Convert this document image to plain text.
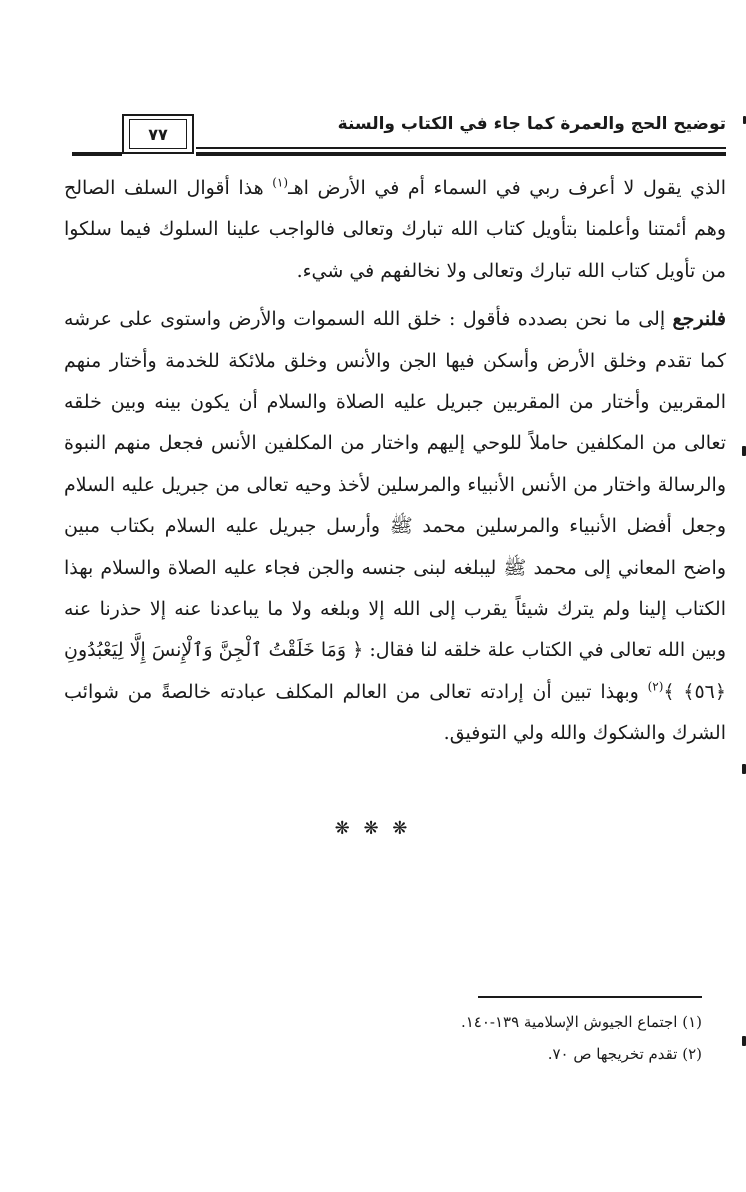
توضيح الحج والعمرة كما جاء في الكتاب والسنة
٧٧

الذي يقول لا أعرف ربي في السماء أم في الأرض اهـ$^{(١)}$ هذا أقوال السلف الصالح وهم أئمتنا وأعلمنا بتأويل كتاب الله تبارك وتعالى فالواجب علينا السلوك فيما سلكوا من تأويل كتاب الله تبارك وتعالى ولا نخالفهم في شيء.

فلنرجع إلى ما نحن بصدده فأقول : خلق الله السموات والأرض واستوى على عرشه كما تقدم وخلق الأرض وأسكن فيها الجن والأنس وخلق ملائكة للخدمة وأختار منهم المقربين وأختار من المقربين جبريل عليه الصلاة والسلام أن يكون بينه وبين خلقه تعالى من المكلفين حاملاً للوحي إليهم واختار من المكلفين الأنس فجعل منهم النبوة والرسالة واختار من الأنس الأنبياء والمرسلين لأخذ وحيه تعالى من جبريل عليه السلام وجعل أفضل الأنبياء والمرسلين محمد ﷺ وأرسل جبريل عليه السلام بكتاب مبين واضح المعاني إلى محمد ﷺ ليبلغه لبنى جنسه والجن فجاء عليه الصلاة والسلام بهذا الكتاب إلينا ولم يترك شيئاً يقرب إلى الله إلا وبلغه ولا ما يباعدنا عنه إلا حذرنا عنه وبين الله تعالى في الكتاب علة خلقه لنا فقال: ﴿ وَمَا خَلَقْتُ ٱلْجِنَّ وَٱلْإِنسَ إِلَّا لِيَعْبُدُونِ ﴿٥٦﴾ ﴾$^{(٢)}$ وبهذا تبين أن إرادته تعالى من العالم المكلف عبادته خالصةً من شوائب الشرك والشكوك والله ولي التوفيق.

❋ ❋ ❋
(١) اجتماع الجيوش الإسلامية ١٣٩-١٤٠.
(٢) تقدم تخريجها ص ٧٠.
